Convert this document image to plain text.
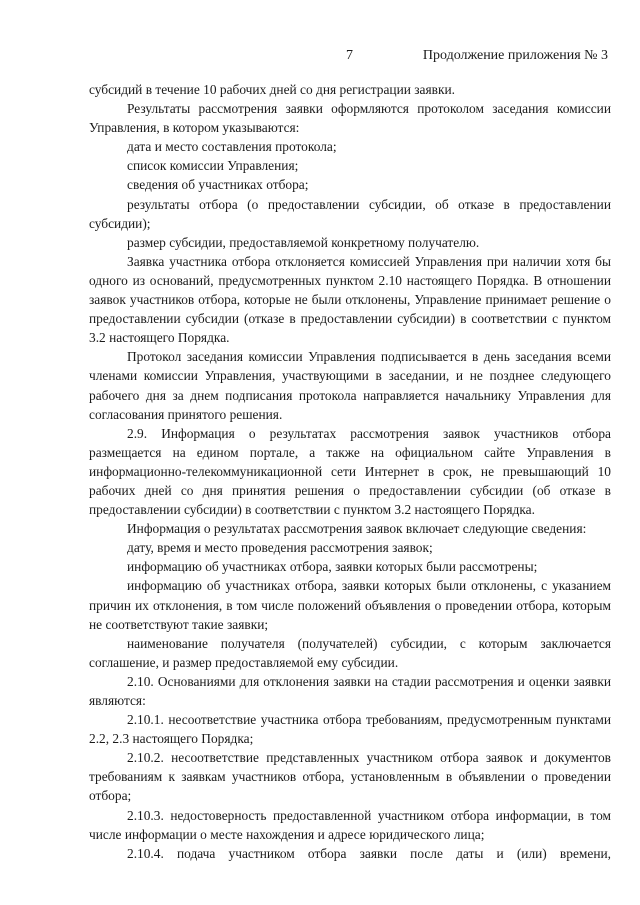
7	Продолжение приложения № 3

субсидий в течение 10 рабочих дней со дня регистрации заявки.

Результаты рассмотрения заявки оформляются протоколом заседания комиссии Управления, в котором указываются:

дата и место составления протокола;

список комиссии Управления;

сведения об участниках отбора;

результаты отбора (о предоставлении субсидии, об отказе в предоставлении субсидии);

размер субсидии, предоставляемой конкретному получателю.

Заявка участника отбора отклоняется комиссией Управления при наличии хотя бы одного из оснований, предусмотренных пунктом 2.10 настоящего Порядка. В отношении заявок участников отбора, которые не были отклонены, Управление принимает решение о предоставлении субсидии (отказе в предоставлении субсидии) в соответствии с пунктом 3.2 настоящего Порядка.

Протокол заседания комиссии Управления подписывается в день заседания всеми членами комиссии Управления, участвующими в заседании, и не позднее следующего рабочего дня за днем подписания протокола направляется начальнику Управления для согласования принятого решения.

2.9. Информация о результатах рассмотрения заявок участников отбора размещается на едином портале, а также на официальном сайте Управления в информационно-телекоммуникационной сети Интернет в срок, не превышающий 10 рабочих дней со дня принятия решения о предоставлении субсидии (об отказе в предоставлении субсидии) в соответствии с пунктом 3.2 настоящего Порядка.

Информация о результатах рассмотрения заявок включает следующие сведения:

дату, время и место проведения рассмотрения заявок;

информацию об участниках отбора, заявки которых были рассмотрены;

информацию об участниках отбора, заявки которых были отклонены, с указанием причин их отклонения, в том числе положений объявления о проведении отбора, которым не соответствуют такие заявки;

наименование получателя (получателей) субсидии, с которым заключается соглашение, и размер предоставляемой ему субсидии.

2.10. Основаниями для отклонения заявки на стадии рассмотрения и оценки заявки являются:

2.10.1. несоответствие участника отбора требованиям, предусмотренным пунктами 2.2, 2.3 настоящего Порядка;

2.10.2. несоответствие представленных участником отбора заявок и документов требованиям к заявкам участников отбора, установленным в объявлении о проведении отбора;

2.10.3. недостоверность предоставленной участником отбора информации, в том числе информации о месте нахождения и адресе юридического лица;

2.10.4. подача участником отбора заявки после даты и (или) времени,
